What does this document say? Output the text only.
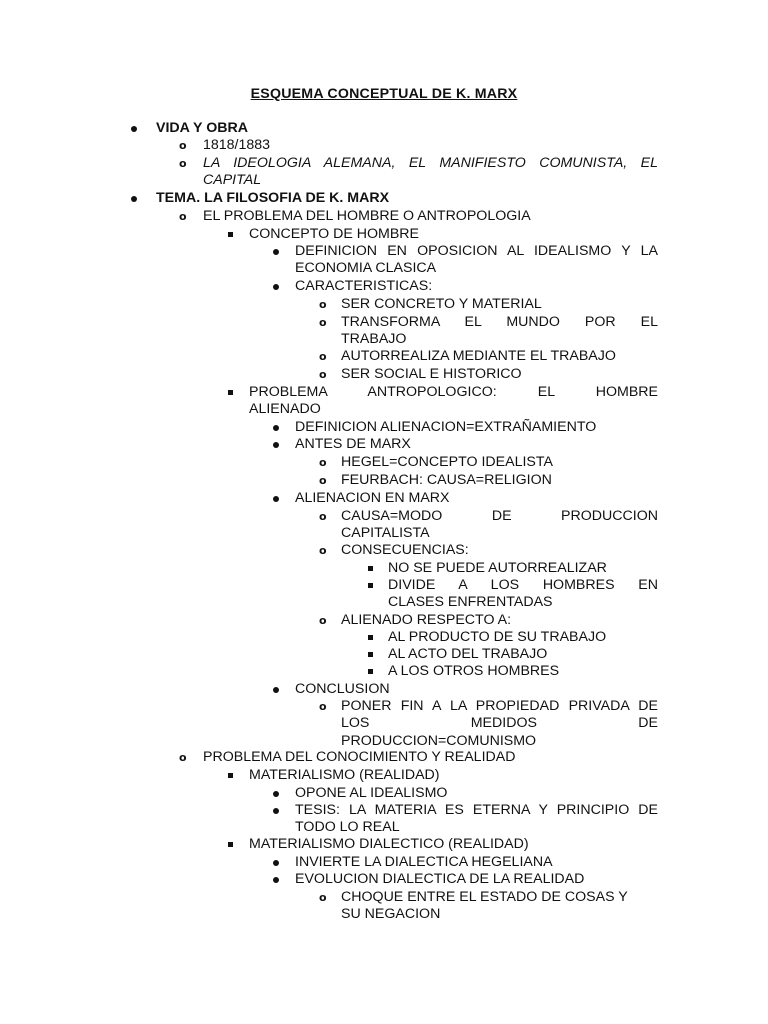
ESQUEMA CONCEPTUAL DE K. MARX
VIDA Y OBRA
o 1818/1883
o LA IDEOLOGIA ALEMANA, EL MANIFIESTO COMUNISTA, EL
CAPITAL
TEMA. LA FILOSOFIA DE K. MARX
o EL PROBLEMA DEL HOMBRE O ANTROPOLOGIA
CONCEPTO DE HOMBRE
DEFINICION EN OPOSICION AL IDEALISMO Y LA
ECONOMIA CLASICA
CARACTERISTICAS:
o SER CONCRETO Y MATERIAL
o TRANSFORMA EL MUNDO POR EL
TRABAJO
o AUTORREALIZA MEDIANTE EL TRABAJO
o SER SOCIAL E HISTORICO
PROBLEMA ANTROPOLOGICO: EL HOMBRE
ALIENADO
DEFINICION ALIENACION=EXTRAÑAMIENTO
ANTES DE MARX
o HEGEL=CONCEPTO IDEALISTA
o FEURBACH: CAUSA=RELIGION
ALIENACION EN MARX
o CAUSA=MODO DE PRODUCCION
CAPITALISTA
o CONSECUENCIAS:
NO SE PUEDE AUTORREALIZAR
DIVIDE A LOS HOMBRES EN
CLASES ENFRENTADAS
o ALIENADO RESPECTO A:
AL PRODUCTO DE SU TRABAJO
AL ACTO DEL TRABAJO
A LOS OTROS HOMBRES
CONCLUSION
o PONER FIN A LA PROPIEDAD PRIVADA DE
LOS MEDIDOS DE
PRODUCCION=COMUNISMO
o PROBLEMA DEL CONOCIMIENTO Y REALIDAD
MATERIALISMO (REALIDAD)
OPONE AL IDEALISMO
TESIS: LA MATERIA ES ETERNA Y PRINCIPIO DE
TODO LO REAL
MATERIALISMO DIALECTICO (REALIDAD)
INVIERTE LA DIALECTICA HEGELIANA
EVOLUCION DIALECTICA DE LA REALIDAD
o CHOQUE ENTRE EL ESTADO DE COSAS Y
SU NEGACION
